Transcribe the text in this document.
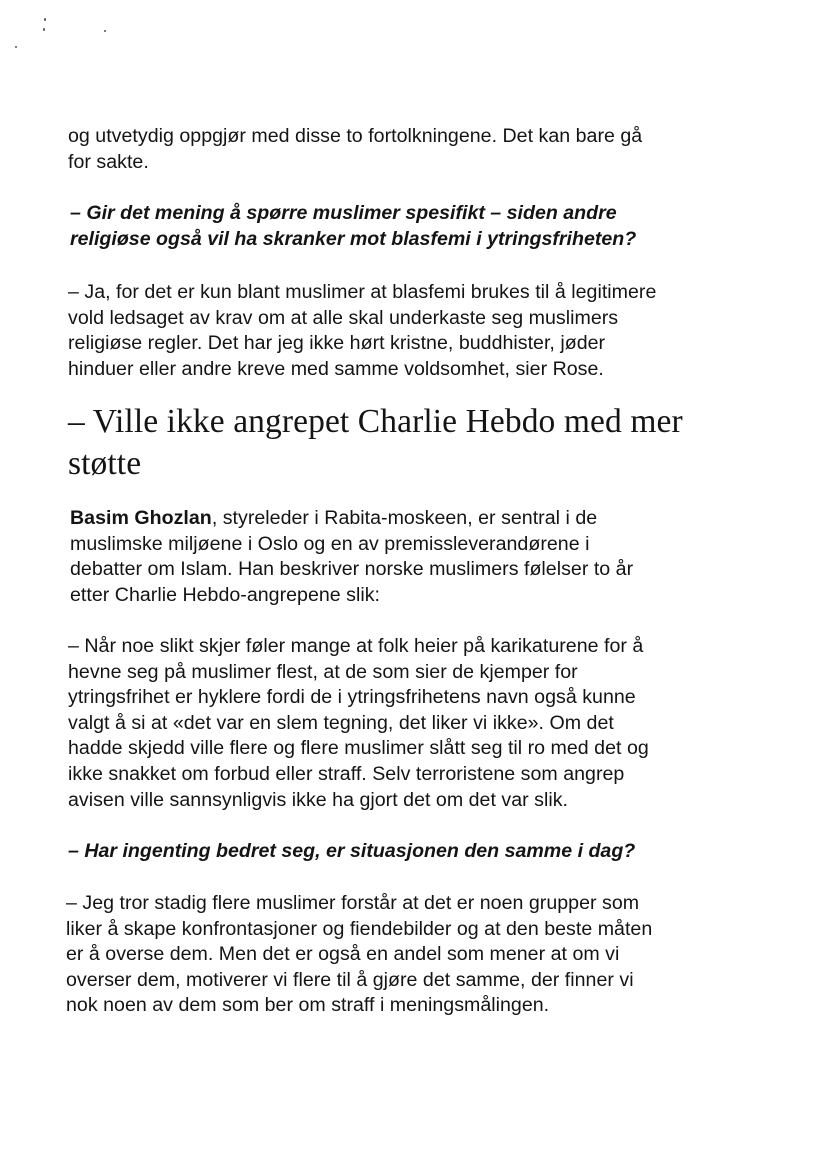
og utvetydig oppgjør med disse to fortolkningene. Det kan bare gå
for sakte.

– Gir det mening å spørre muslimer spesifikt – siden andre
religiøse også vil ha skranker mot blasfemi i ytringsfriheten?

– Ja, for det er kun blant muslimer at blasfemi brukes til å legitimere
vold ledsaget av krav om at alle skal underkaste seg muslimers
religiøse regler. Det har jeg ikke hørt kristne, buddhister, jøder
hinduer eller andre kreve med samme voldsomhet, sier Rose.

– Ville ikke angrepet Charlie Hebdo med mer
støtte

Basim Ghozlan, styreleder i Rabita-moskeen, er sentral i de
muslimske miljøene i Oslo og en av premissleverandørene i
debatter om Islam. Han beskriver norske muslimers følelser to år
etter Charlie Hebdo-angrepene slik:

– Når noe slikt skjer føler mange at folk heier på karikaturene for å
hevne seg på muslimer flest, at de som sier de kjemper for
ytringsfrihet er hyklere fordi de i ytringsfrihetens navn også kunne
valgt å si at «det var en slem tegning, det liker vi ikke». Om det
hadde skjedd ville flere og flere muslimer slått seg til ro med det og
ikke snakket om forbud eller straff. Selv terroristene som angrep
avisen ville sannsynligvis ikke ha gjort det om det var slik.

– Har ingenting bedret seg, er situasjonen den samme i dag?

– Jeg tror stadig flere muslimer forstår at det er noen grupper som
liker å skape konfrontasjoner og fiendebilder og at den beste måten
er å overse dem. Men det er også en andel som mener at om vi
overser dem, motiverer vi flere til å gjøre det samme, der finner vi
nok noen av dem som ber om straff i meningsmålingen.
